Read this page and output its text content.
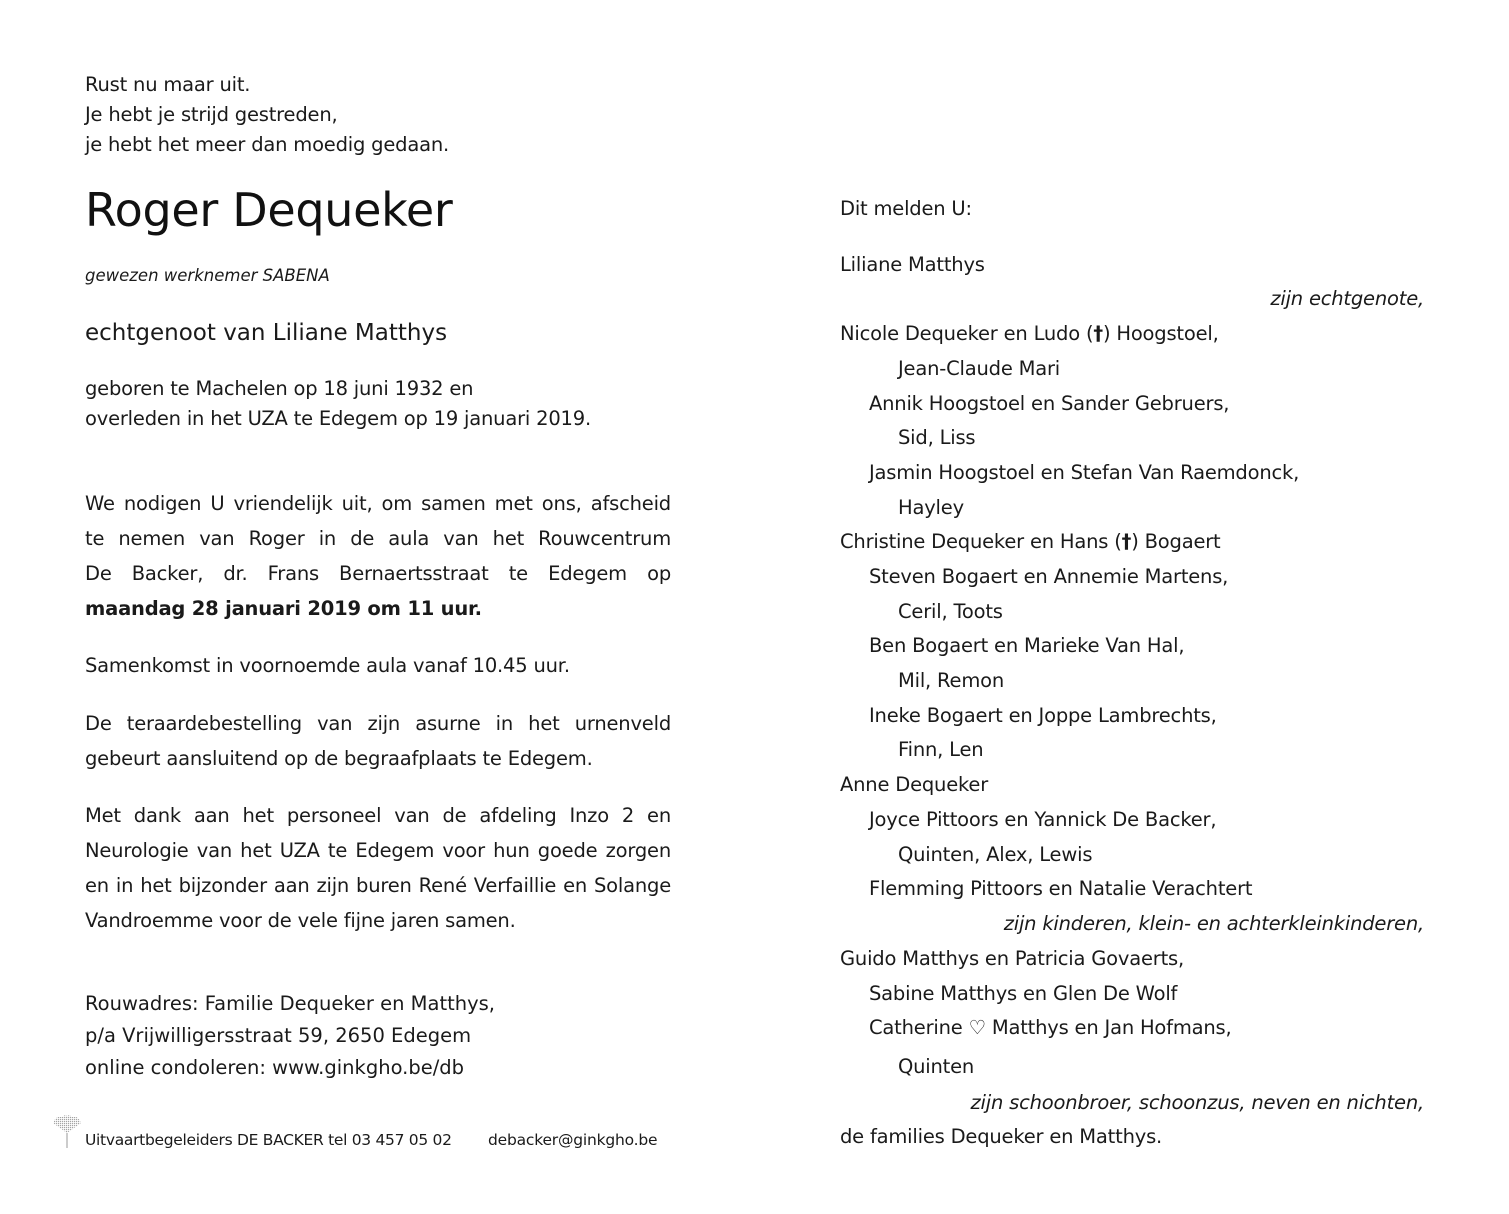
Rust nu maar uit.
Je hebt je strijd gestreden,
je hebt het meer dan moedig gedaan.
Roger Dequeker
gewezen werknemer SABENA
echtgenoot van Liliane Matthys
geboren te Machelen op 18 juni 1932 en
overleden in het UZA te Edegem op 19 januari 2019.
We nodigen U vriendelijk uit, om samen met ons, afscheid
te nemen van Roger in de aula van het Rouwcentrum
De Backer, dr. Frans Bernaertsstraat te Edegem op
maandag 28 januari 2019 om 11 uur.
Samenkomst in voornoemde aula vanaf 10.45 uur.
De teraardebestelling van zijn asurne in het urnenveld
gebeurt aansluitend op de begraafplaats te Edegem.
Met dank aan het personeel van de afdeling Inzo 2 en
Neurologie van het UZA te Edegem voor hun goede zorgen
en in het bijzonder aan zijn buren René Verfaillie en Solange
Vandroemme voor de vele fijne jaren samen.
Rouwadres: Familie Dequeker en Matthys,
p/a Vrijwilligersstraat 59, 2650 Edegem
online condoleren: www.ginkgho.be/db
Uitvaartbegeleiders DE BACKER tel 03 457 05 02 debacker@ginkgho.be
Dit melden U:
Liliane Matthys
zijn echtgenote,
Nicole Dequeker en Ludo (†) Hoogstoel,
Jean-Claude Mari
Annik Hoogstoel en Sander Gebruers,
Sid, Liss
Jasmin Hoogstoel en Stefan Van Raemdonck,
Hayley
Christine Dequeker en Hans (†) Bogaert
Steven Bogaert en Annemie Martens,
Ceril, Toots
Ben Bogaert en Marieke Van Hal,
Mil, Remon
Ineke Bogaert en Joppe Lambrechts,
Finn, Len
Anne Dequeker
Joyce Pittoors en Yannick De Backer,
Quinten, Alex, Lewis
Flemming Pittoors en Natalie Verachtert
zijn kinderen, klein- en achterkleinkinderen,
Guido Matthys en Patricia Govaerts,
Sabine Matthys en Glen De Wolf
Catherine ♡ Matthys en Jan Hofmans,
Quinten
zijn schoonbroer, schoonzus, neven en nichten,
de families Dequeker en Matthys.
